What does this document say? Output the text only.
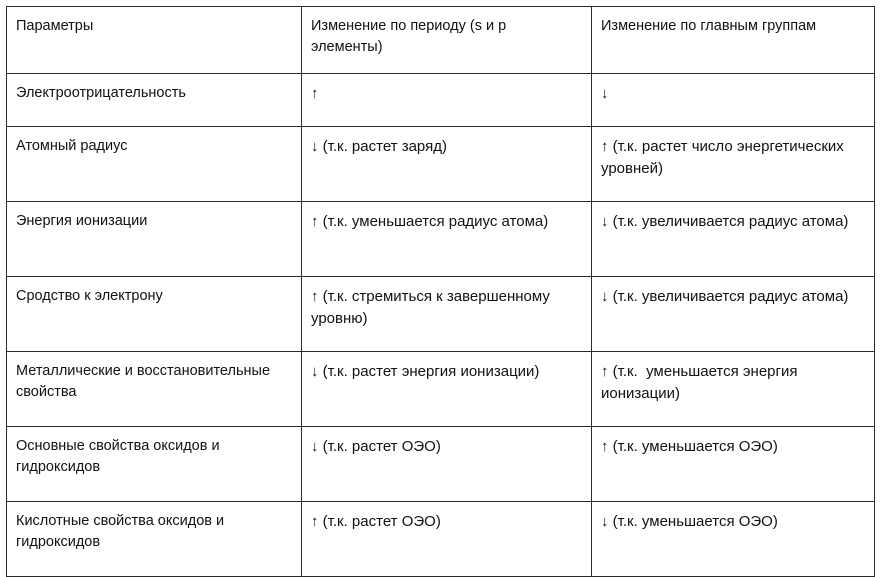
Параметры	Изменение по периоду (s и p элементы)	Изменение по главным группам
Электроотрицательность	↑	↓
Атомный радиус	↓ (т.к. растет заряд)	↑ (т.к. растет число энергетических уровней)
Энергия ионизации	↑ (т.к. уменьшается радиус атома)	↓ (т.к. увеличивается радиус атома)
Сродство к электрону	↑ (т.к. стремиться к завершенному уровню)	↓ (т.к. увеличивается радиус атома)
Металлические и восстановительные свойства	↓ (т.к. растет энергия ионизации)	↑ (т.к.  уменьшается энергия ионизации)
Основные свойства оксидов и гидроксидов	↓ (т.к. растет ОЭО)	↑ (т.к. уменьшается ОЭО)
Кислотные свойства оксидов и гидроксидов	↑ (т.к. растет ОЭО)	↓ (т.к. уменьшается ОЭО)
